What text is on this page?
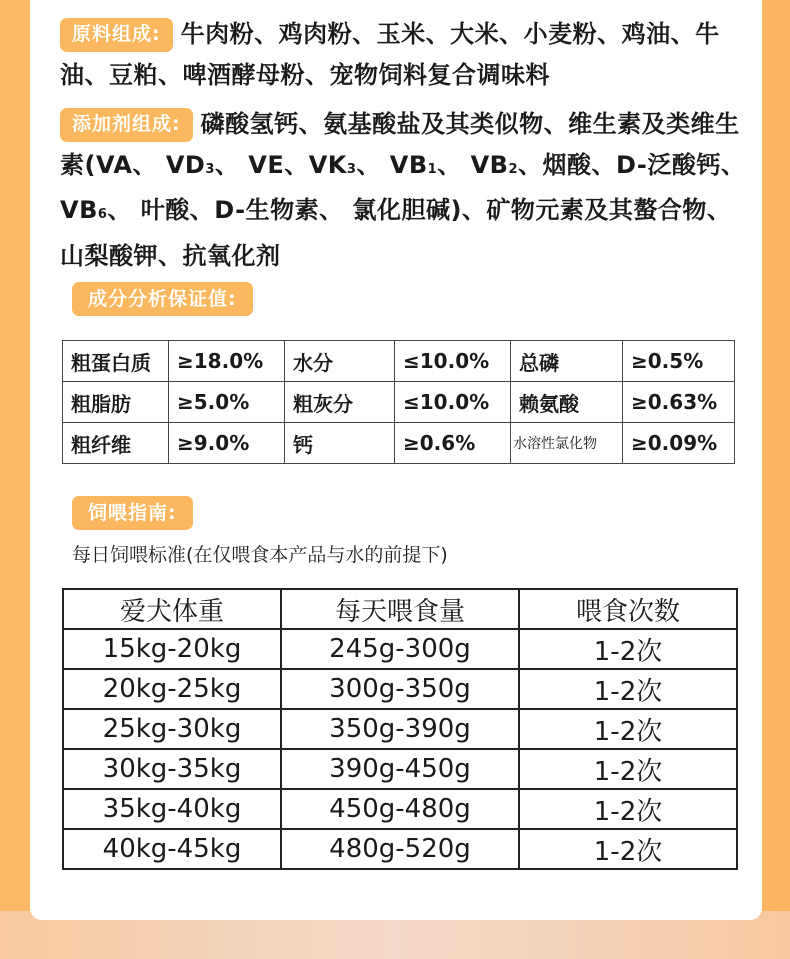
原料组成: 牛肉粉、鸡肉粉、玉米、大米、小麦粉、鸡油、牛油、豆粕、啤酒酵母粉、宠物饲料复合调味料

添加剂组成: 磷酸氢钙、氨基酸盐及其类似物、维生素及类维生素(VA、 VD3、 VE、VK3、 VB1、 VB2、烟酸、D-泛酸钙、VB6、 叶酸、D-生物素、 氯化胆碱)、矿物元素及其螯合物、山梨酸钾、抗氧化剂

成分分析保证值:
粗蛋白质	≥18.0%	水分	≤10.0%	总磷	≥0.5%
粗脂肪	≥5.0%	粗灰分	≤10.0%	赖氨酸	≥0.63%
粗纤维	≥9.0%	钙	≥0.6%	水溶性氯化物	≥0.09%
饲喂指南:
每日饲喂标准(在仅喂食本产品与水的前提下)
爱犬体重	每天喂食量	喂食次数
15kg-20kg	245g-300g	1-2次
20kg-25kg	300g-350g	1-2次
25kg-30kg	350g-390g	1-2次
30kg-35kg	390g-450g	1-2次
35kg-40kg	450g-480g	1-2次
40kg-45kg	480g-520g	1-2次
